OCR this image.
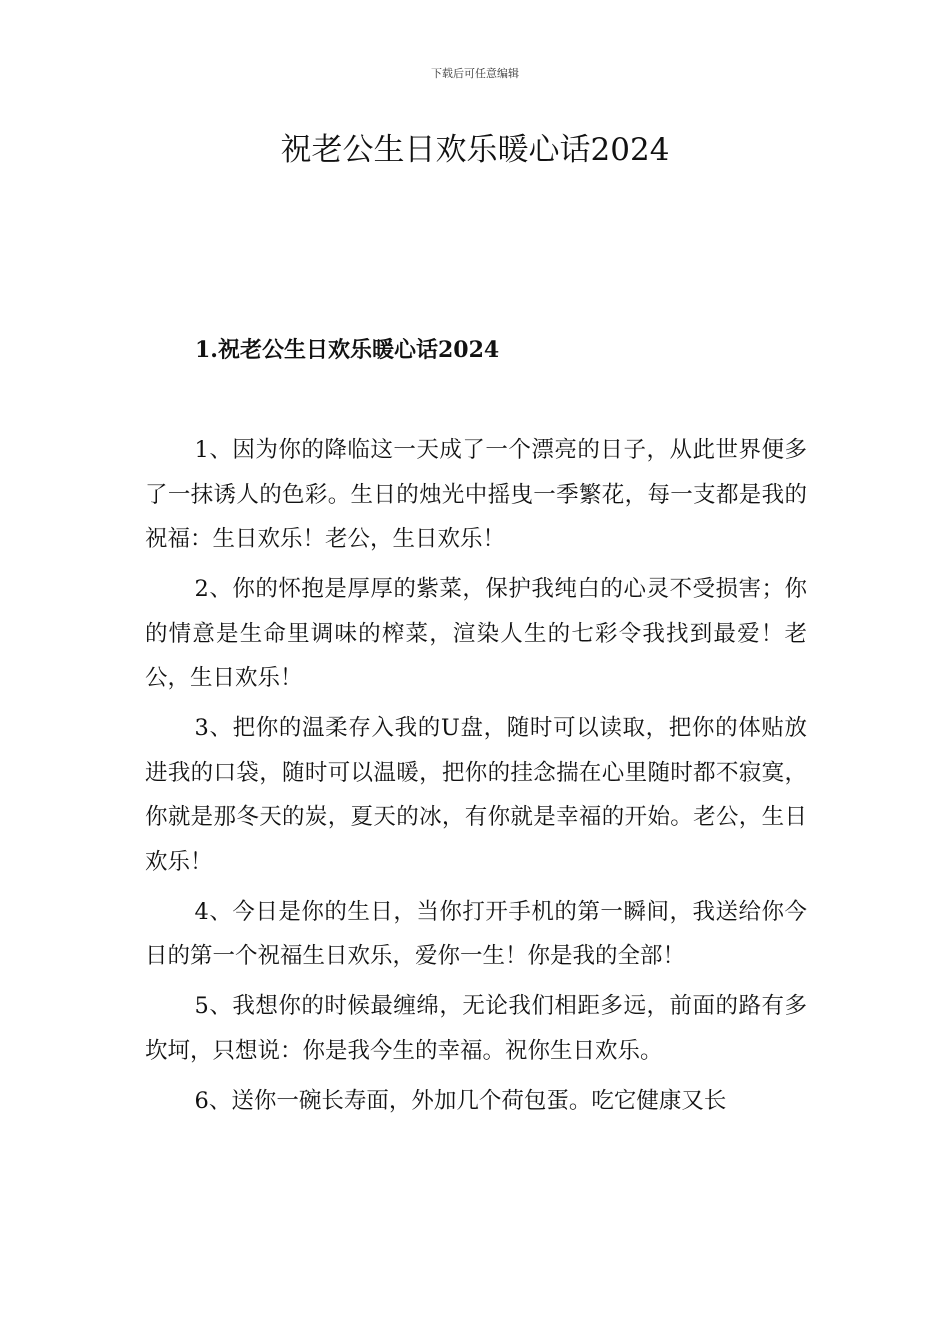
下载后可任意编辑
祝老公生日欢乐暖心话2024
1.祝老公生日欢乐暖心话2024

1、因为你的降临这一天成了一个漂亮的日子，从此世界便多了一抹诱人的色彩。生日的烛光中摇曳一季繁花，每一支都是我的祝福：生日欢乐！老公，生日欢乐！

2、你的怀抱是厚厚的紫菜，保护我纯白的心灵不受损害；你的情意是生命里调味的榨菜，渲染人生的七彩令我找到最爱！老公，生日欢乐！

3、把你的温柔存入我的U盘，随时可以读取，把你的体贴放进我的口袋，随时可以温暖，把你的挂念揣在心里随时都不寂寞，你就是那冬天的炭，夏天的冰，有你就是幸福的开始。老公，生日欢乐！

4、今日是你的生日，当你打开手机的第一瞬间，我送给你今日的第一个祝福生日欢乐，爱你一生！你是我的全部！

5、我想你的时候最缠绵，无论我们相距多远，前面的路有多坎坷，只想说：你是我今生的幸福。祝你生日欢乐。

6、送你一碗长寿面，外加几个荷包蛋。吃它健康又长
